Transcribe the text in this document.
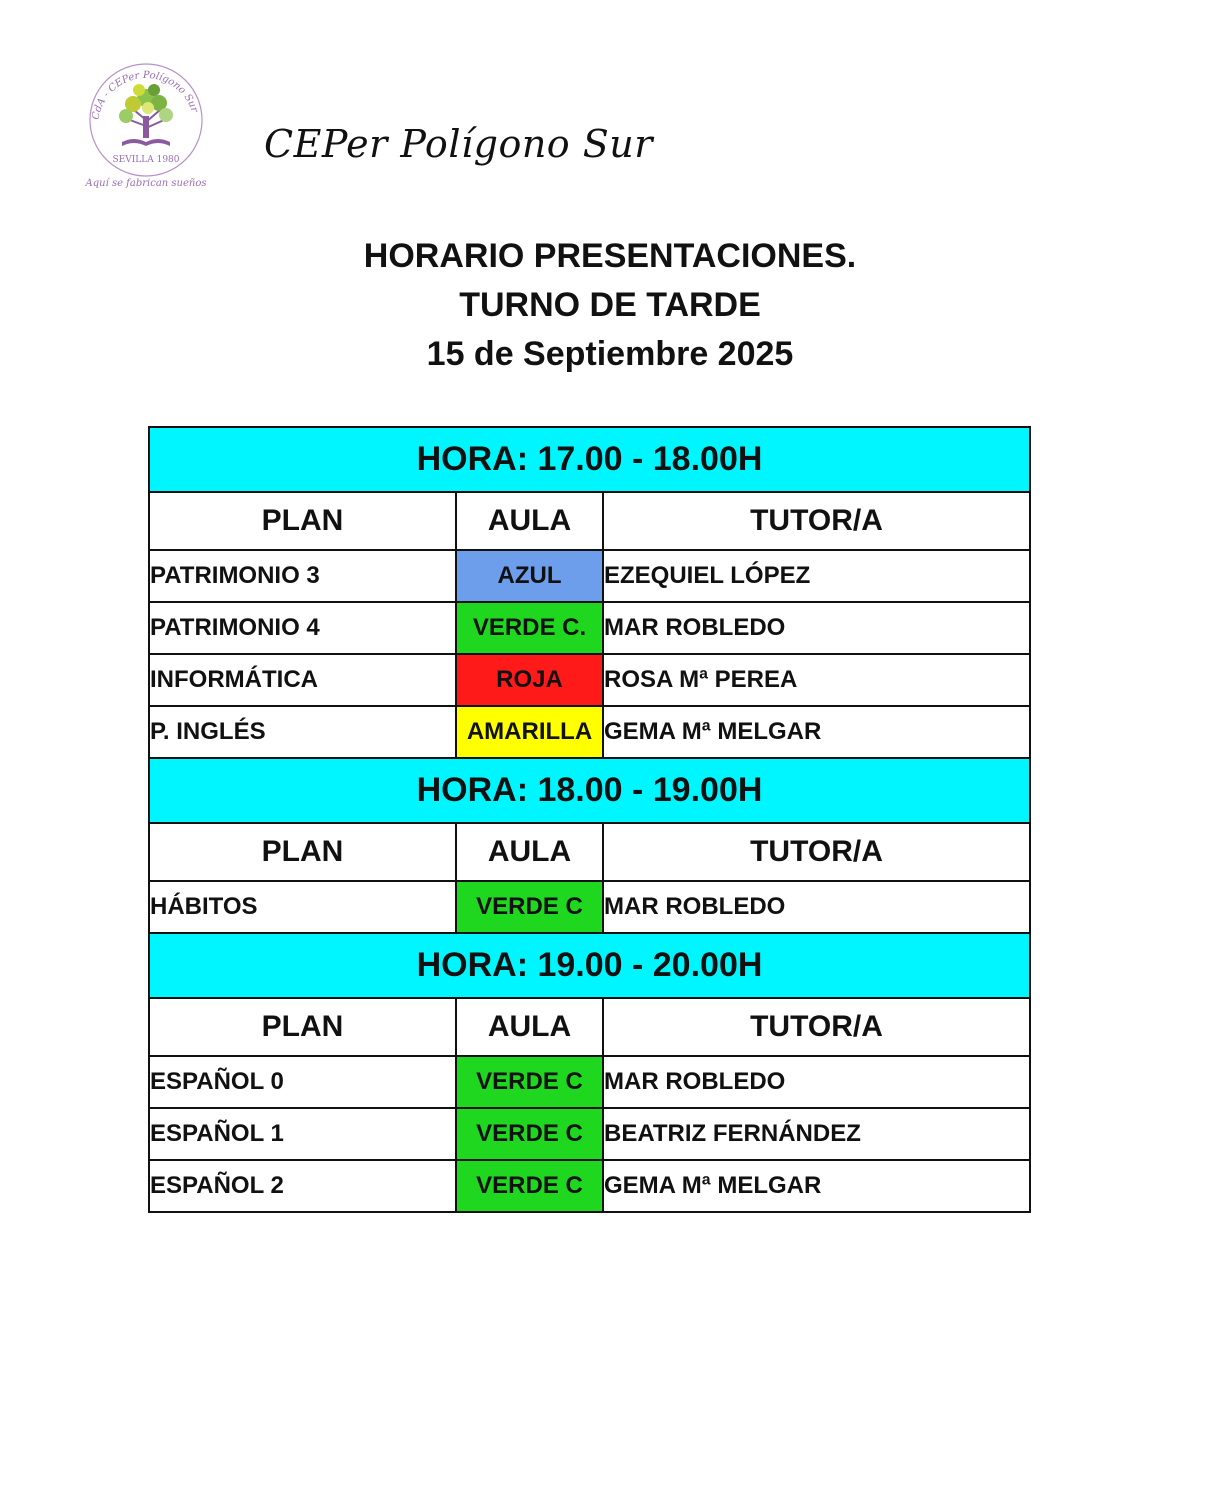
CdA - CEPer Polígono Sur
SEVILLA 1980
Aquí se fabrican sueños
CEPer Polígono Sur
HORARIO PRESENTACIONES.
TURNO DE TARDE
15 de Septiembre 2025
HORA: 17.00 - 18.00H		
PLAN	AULA	TUTOR/A
PATRIMONIO 3	AZUL	EZEQUIEL LÓPEZ
PATRIMONIO 4	VERDE C.	MAR ROBLEDO
INFORMÁTICA	ROJA	ROSA Mª PEREA
P. INGLÉS	AMARILLA	GEMA Mª MELGAR
HORA: 18.00 - 19.00H		
PLAN	AULA	TUTOR/A
HÁBITOS	VERDE C	MAR ROBLEDO
HORA: 19.00 - 20.00H		
PLAN	AULA	TUTOR/A
ESPAÑOL 0	VERDE C	MAR ROBLEDO
ESPAÑOL 1	VERDE C	BEATRIZ FERNÁNDEZ
ESPAÑOL 2	VERDE C	GEMA Mª MELGAR
